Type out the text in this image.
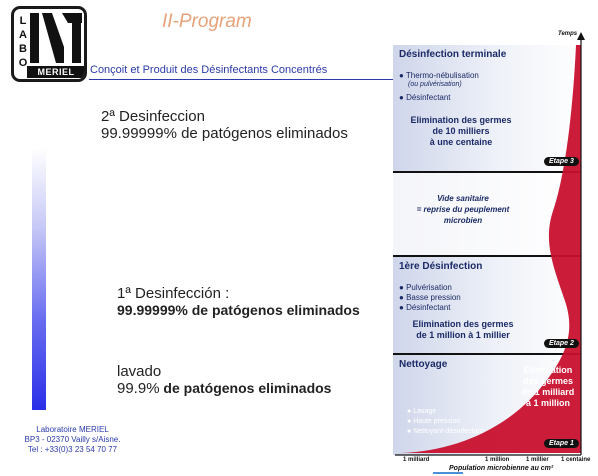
L
A
B
O
MERIEL
II-Program
Conçoit et Produit des Désinfectants Concentrés
2ª Desinfeccion
99.99999% de patógenos eliminados
1ª Desinfección :
99.99999% de patógenos eliminados
lavado
99.9% de patógenos eliminados
Laboratoire MERIEL
BP3 - 02370 Vailly s/Aisne.
Tel : +33(0)3 23 54 70 77
Désinfection terminale
● Thermo-nébulisation
(ou pulvérisation)
● Désinfectant
Elimination des germes
de 10 milliers
à une centaine
Vide sanitaire
= reprise du peuplement
microbien
1ère Désinfection
● Pulvérisation
● Basse pression
● Désinfectant
Elimination des germes
de 1 million à 1 millier
Nettoyage
Temps
Etape 3
Etape 2
Etape 1
Elimination
des germes
de 1 milliard
à 1 million
● Lavage
● Haute pression
● Nettoyant-désinfectant
1 milliard	1 million	1 millier 1 centaine
Population microbienne au cm²
